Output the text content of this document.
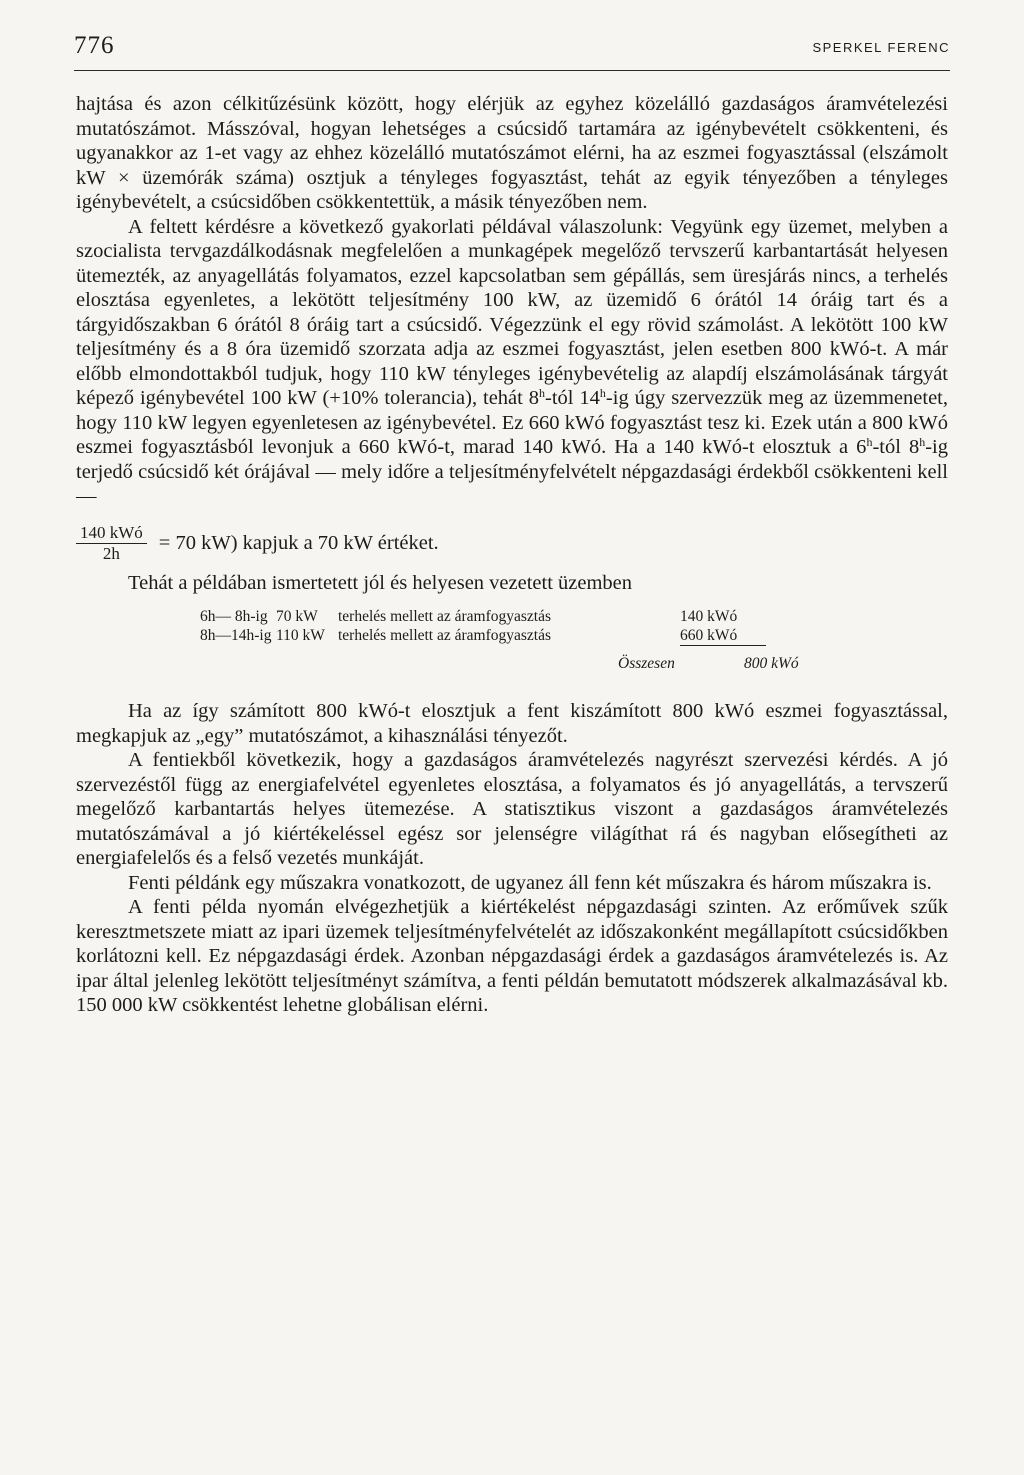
776	SPERKEL FERENC

hajtása és azon célkitűzésünk között, hogy elérjük az egyhez közelálló gazdaságos áramvételezési mutatószámot. Másszóval, hogyan lehetséges a csúcsidő tartamára az igénybevételt csökkenteni, és ugyanakkor az 1-et vagy az ehhez közelálló mutatószámot elérni, ha az eszmei fogyasztással (elszámolt kW × üzemórák száma) osztjuk a tényleges fogyasztást, tehát az egyik tényezőben a tényleges igénybevételt, a csúcsidőben csökkentettük, a másik tényezőben nem.

A feltett kérdésre a következő gyakorlati példával válaszolunk: Vegyünk egy üzemet, melyben a szocialista tervgazdálkodásnak megfelelően a munkagépek megelőző tervszerű karbantartását helyesen ütemezték, az anyagellátás folyamatos, ezzel kapcsolatban sem gépállás, sem üresjárás nincs, a terhelés elosztása egyenletes, a lekötött teljesítmény 100 kW, az üzemidő 6 órától 14 óráig tart és a tárgyidőszakban 6 órától 8 óráig tart a csúcsidő. Végezzünk el egy rövid számolást. A lekötött 100 kW teljesítmény és a 8 óra üzemidő szorzata adja az eszmei fogyasztást, jelen esetben 800 kWó-t. A már előbb elmondottakból tudjuk, hogy 110 kW tényleges igénybevételig az alapdíj elszámolásának tárgyát képező igénybevétel 100 kW (+10% tolerancia), tehát 8$^h$-tól 14$^h$-ig úgy szervezzük meg az üzemmenetet, hogy 110 kW legyen egyenletesen az igénybevétel. Ez 660 kWó fogyasztást tesz ki. Ezek után a 800 kWó eszmei fogyasztásból levonjuk a 660 kWó-t, marad 140 kWó. Ha a 140 kWó-t elosztuk a 6$^h$-tól 8$^h$-ig terjedő csúcsidő két órájával — mely időre a teljesítményfelvételt népgazdasági érdekből csökkenteni kell —

$\frac{\text{140 kWó}}{2h} = 70$ kW) kapjuk a 70 kW értéket.

Tehát a példában ismertetett jól és helyesen vezetett üzemben

6h— 8h-ig 70 kW	terhelés mellett az áramfogyasztás	140 kWó
8h—14h-ig 110 kW terhelés mellett az áramfogyasztás	660 kWó
Összesen	800 kWó

Ha az így számított 800 kWó-t elosztjuk a fent kiszámított 800 kWó eszmei fogyasztással, megkapjuk az „egy” mutatószámot, a kihasználási tényezőt.

A fentiekből következik, hogy a gazdaságos áramvételezés nagyrészt szervezési kérdés. A jó szervezéstől függ az energiafelvétel egyenletes elosztása, a folyamatos és jó anyagellátás, a tervszerű megelőző karbantartás helyes ütemezése. A statisztikus viszont a gazdaságos áramvételezés mutatószámával a jó kiértékeléssel egész sor jelenségre világíthat rá és nagyban elősegítheti az energiafelelős és a felső vezetés munkáját.

Fenti példánk egy műszakra vonatkozott, de ugyanez áll fenn két műszakra és három műszakra is.

A fenti példa nyomán elvégezhetjük a kiértékelést népgazdasági szinten. Az erőművek szűk keresztmetszete miatt az ipari üzemek teljesítményfelvételét az időszakonként megállapított csúcsidőkben korlátozni kell. Ez népgazdasági érdek. Azonban népgazdasági érdek a gazdaságos áramvételezés is. Az ipar által jelenleg lekötött teljesítményt számítva, a fenti példán bemutatott módszerek alkalmazásával kb. 150 000 kW csökkentést lehetne globálisan elérni.
